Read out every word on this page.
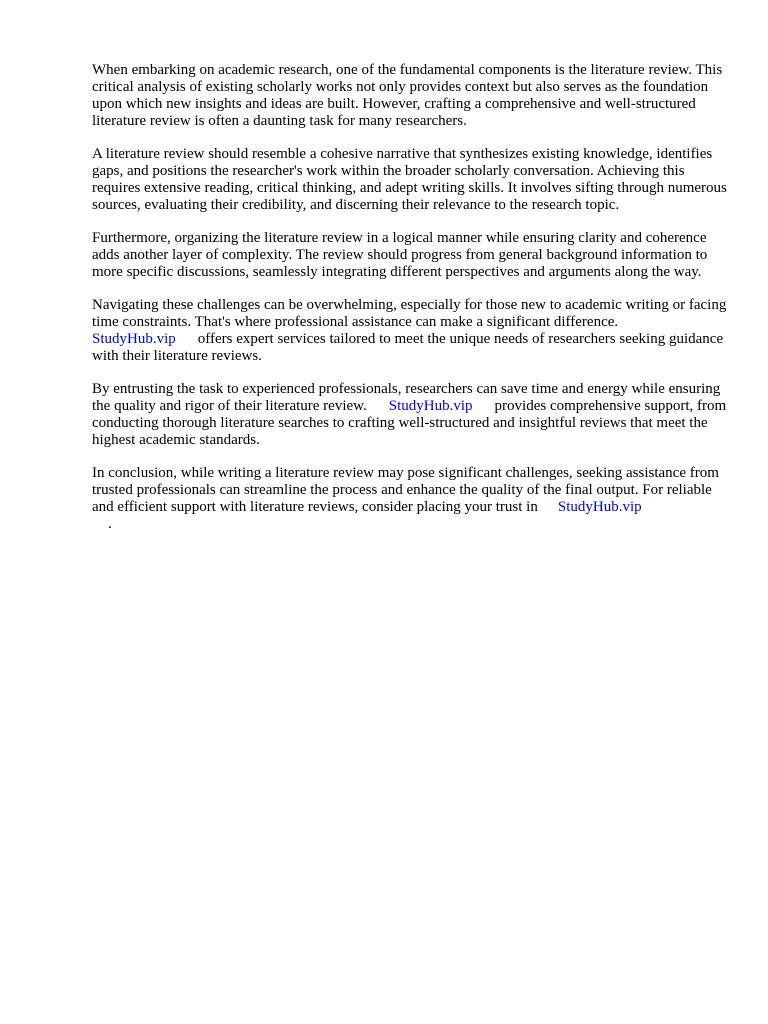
When embarking on academic research, one of the fundamental components is the literature review. This critical analysis of existing scholarly works not only provides context but also serves as the foundation upon which new insights and ideas are built. However, crafting a comprehensive and well-structured literature review is often a daunting task for many researchers.

A literature review should resemble a cohesive narrative that synthesizes existing knowledge, identifies gaps, and positions the researcher's work within the broader scholarly conversation. Achieving this requires extensive reading, critical thinking, and adept writing skills. It involves sifting through numerous sources, evaluating their credibility, and discerning their relevance to the research topic.

Furthermore, organizing the literature review in a logical manner while ensuring clarity and coherence adds another layer of complexity. The review should progress from general background information to more specific discussions, seamlessly integrating different perspectives and arguments along the way.

Navigating these challenges can be overwhelming, especially for those new to academic writing or facing time constraints. That's where professional assistance can make a significant difference.
StudyHub.vip offers expert services tailored to meet the unique needs of researchers seeking guidance with their literature reviews.

By entrusting the task to experienced professionals, researchers can save time and energy while ensuring the quality and rigor of their literature review. StudyHub.vip provides comprehensive support, from conducting thorough literature searches to crafting well-structured and insightful reviews that meet the highest academic standards.

In conclusion, while writing a literature review may pose significant challenges, seeking assistance from trusted professionals can streamline the process and enhance the quality of the final output. For reliable and efficient support with literature reviews, consider placing your trust in StudyHub.vip
.
